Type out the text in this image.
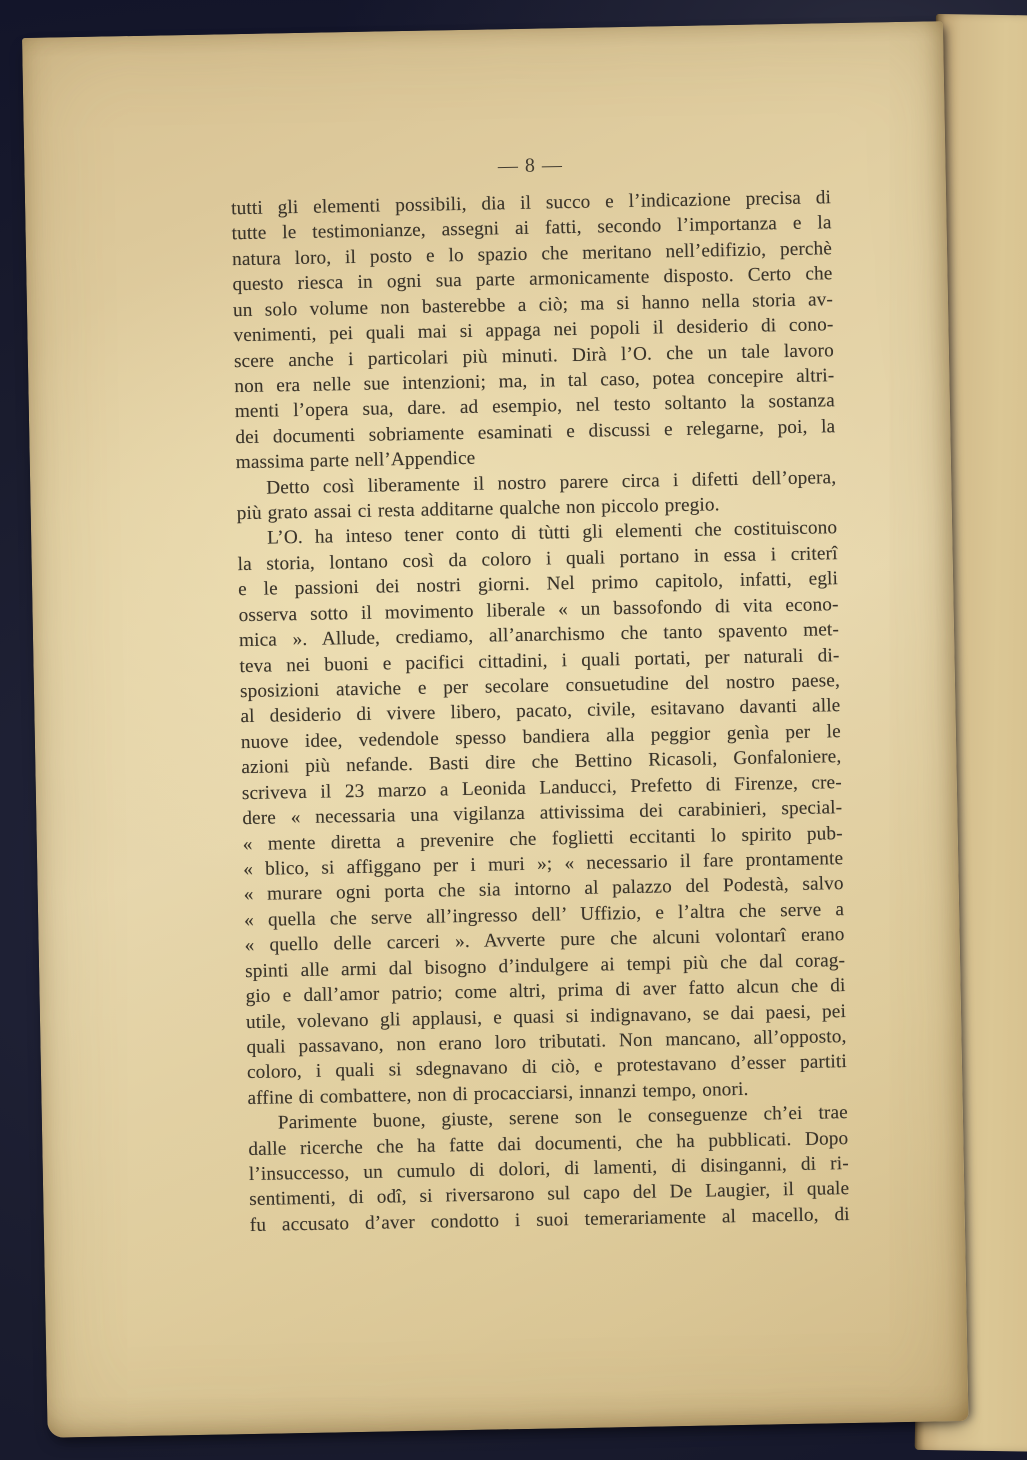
— 8 —
tutti gli elementi possibili, dia il succo e l’indicazione precisa di
tutte le testimonianze, assegni ai fatti, secondo l’importanza e la
natura loro, il posto e lo spazio che meritano nell’edifizio, perchè
questo riesca in ogni sua parte armonicamente disposto. Certo che
un solo volume non basterebbe a ciò; ma si hanno nella storia av-
venimenti, pei quali mai si appaga nei popoli il desiderio di cono-
scere anche i particolari più minuti. Dirà l’O. che un tale lavoro
non era nelle sue intenzioni; ma, in tal caso, potea concepire altri-
menti l’opera sua, dare. ad esempio, nel testo soltanto la sostanza
dei documenti sobriamente esaminati e discussi e relegarne, poi, la
massima parte nell’Appendice
Detto così liberamente il nostro parere circa i difetti dell’opera,
più grato assai ci resta additarne qualche non piccolo pregio.
L’O. ha inteso tener conto di tùtti gli elementi che costituiscono
la storia, lontano così da coloro i quali portano in essa i criterî
e le passioni dei nostri giorni. Nel primo capitolo, infatti, egli
osserva sotto il movimento liberale « un bassofondo di vita econo-
mica ». Allude, crediamo, all’anarchismo che tanto spavento met-
teva nei buoni e pacifici cittadini, i quali portati, per naturali di-
sposizioni ataviche e per secolare consuetudine del nostro paese,
al desiderio di vivere libero, pacato, civile, esitavano davanti alle
nuove idee, vedendole spesso bandiera alla peggior genìa per le
azioni più nefande. Basti dire che Bettino Ricasoli, Gonfaloniere,
scriveva il 23 marzo a Leonida Landucci, Prefetto di Firenze, cre-
dere « necessaria una vigilanza attivissima dei carabinieri, special-
« mente diretta a prevenire che foglietti eccitanti lo spirito pub-
« blico, si affiggano per i muri »; « necessario il fare prontamente
« murare ogni porta che sia intorno al palazzo del Podestà, salvo
« quella che serve all’ingresso dell’ Uffizio, e l’altra che serve a
« quello delle carceri ». Avverte pure che alcuni volontarî erano
spinti alle armi dal bisogno d’indulgere ai tempi più che dal corag-
gio e dall’amor patrio; come altri, prima di aver fatto alcun che di
utile, volevano gli applausi, e quasi si indignavano, se dai paesi, pei
quali passavano, non erano loro tributati. Non mancano, all’opposto,
coloro, i quali si sdegnavano di ciò, e protestavano d’esser partiti
affine di combattere, non di procacciarsi, innanzi tempo, onori.
Parimente buone, giuste, serene son le conseguenze ch’ei trae
dalle ricerche che ha fatte dai documenti, che ha pubblicati. Dopo
l’insuccesso, un cumulo di dolori, di lamenti, di disinganni, di ri-
sentimenti, di odî, si riversarono sul capo del De Laugier, il quale
fu accusato d’aver condotto i suoi temerariamente al macello, di
